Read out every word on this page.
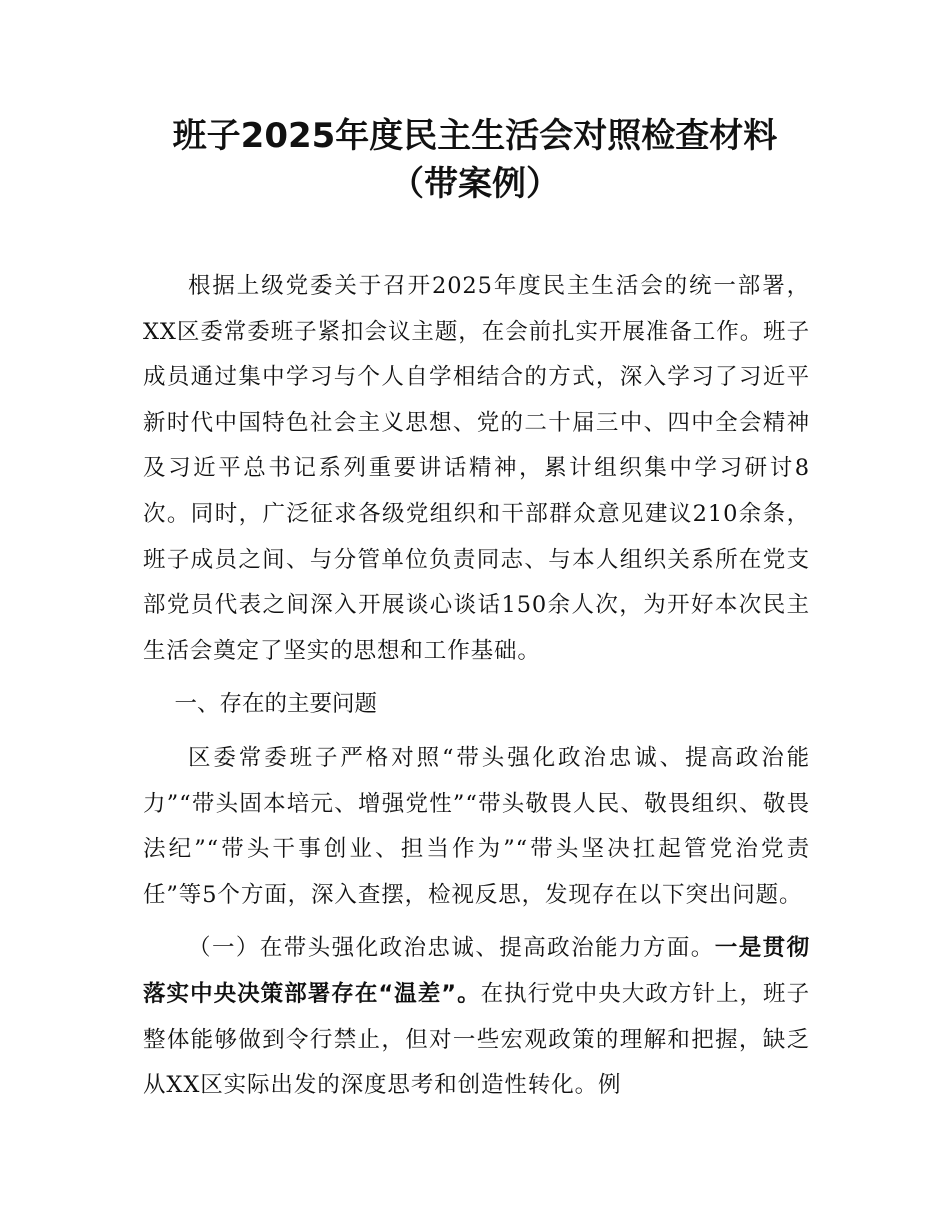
班子2025年度民主生活会对照检查材料（带案例）

根据上级党委关于召开2025年度民主生活会的统一部署，XX区委常委班子紧扣会议主题，在会前扎实开展准备工作。班子成员通过集中学习与个人自学相结合的方式，深入学习了习近平新时代中国特色社会主义思想、党的二十届三中、四中全会精神及习近平总书记系列重要讲话精神，累计组织集中学习研讨8次。同时，广泛征求各级党组织和干部群众意见建议210余条，班子成员之间、与分管单位负责同志、与本人组织关系所在党支部党员代表之间深入开展谈心谈话150余人次，为开好本次民主生活会奠定了坚实的思想和工作基础。

一、存在的主要问题

区委常委班子严格对照“带头强化政治忠诚、提高政治能力”“带头固本培元、增强党性”“带头敬畏人民、敬畏组织、敬畏法纪”“带头干事创业、担当作为”“带头坚决扛起管党治党责任”等5个方面，深入查摆，检视反思，发现存在以下突出问题。

（一）在带头强化政治忠诚、提高政治能力方面。一是贯彻落实中央决策部署存在“温差”。在执行党中央大政方针上，班子整体能够做到令行禁止，但对一些宏观政策的理解和把握，缺乏从XX区实际出发的深度思考和创造性转化。例
